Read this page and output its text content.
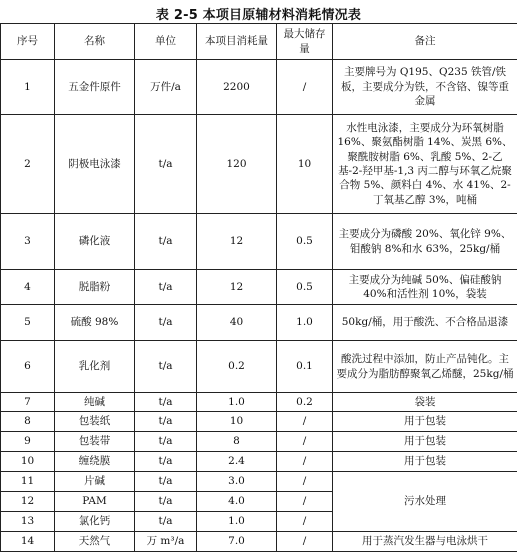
表 2-5 本项目原辅材料消耗情况表
序号	名称	单位	本项目消耗量	最大储存量	备注
1	五金件原件	万件/a	2200	/	主要牌号为 Q195、Q235 铁管/铁板，主要成分为铁，不含铬、镍等重金属
2	阴极电泳漆	t/a	120	10	水性电泳漆，主要成分为环氧树脂 16%、聚氨酯树脂 14%、炭黑 6%、聚酰胺树脂 6%、乳酸 5%、2-乙基-2-羟甲基-1,3 丙二醇与环氧乙烷聚合物 5%、颜料白 4%、水 41%、2-丁氧基乙醇 3%，吨桶
3	磷化液	t/a	12	0.5	主要成分为磷酸 20%、氧化锌 9%、钼酸钠 8%和水 63%，25kg/桶
4	脱脂粉	t/a	12	0.5	主要成分为纯碱 50%、偏硅酸钠 40%和活性剂 10%，袋装
5	硫酸 98%	t/a	40	1.0	50kg/桶，用于酸洗、不合格品退漆
6	乳化剂	t/a	0.2	0.1	酸洗过程中添加，防止产品钝化。主要成分为脂肪醇聚氧乙烯醚，25kg/桶
7	纯碱	t/a	1.0	0.2	袋装
8	包装纸	t/a	10	/	用于包装
9	包装带	t/a	8	/	用于包装
10	缠绕膜	t/a	2.4	/	用于包装
11	片碱	t/a	3.0	/	污水处理
12	PAM	t/a	4.0	/	
13	氯化钙	t/a	1.0	/	
14	天然气	万 m³/a	7.0	/	用于蒸汽发生器与电泳烘干
